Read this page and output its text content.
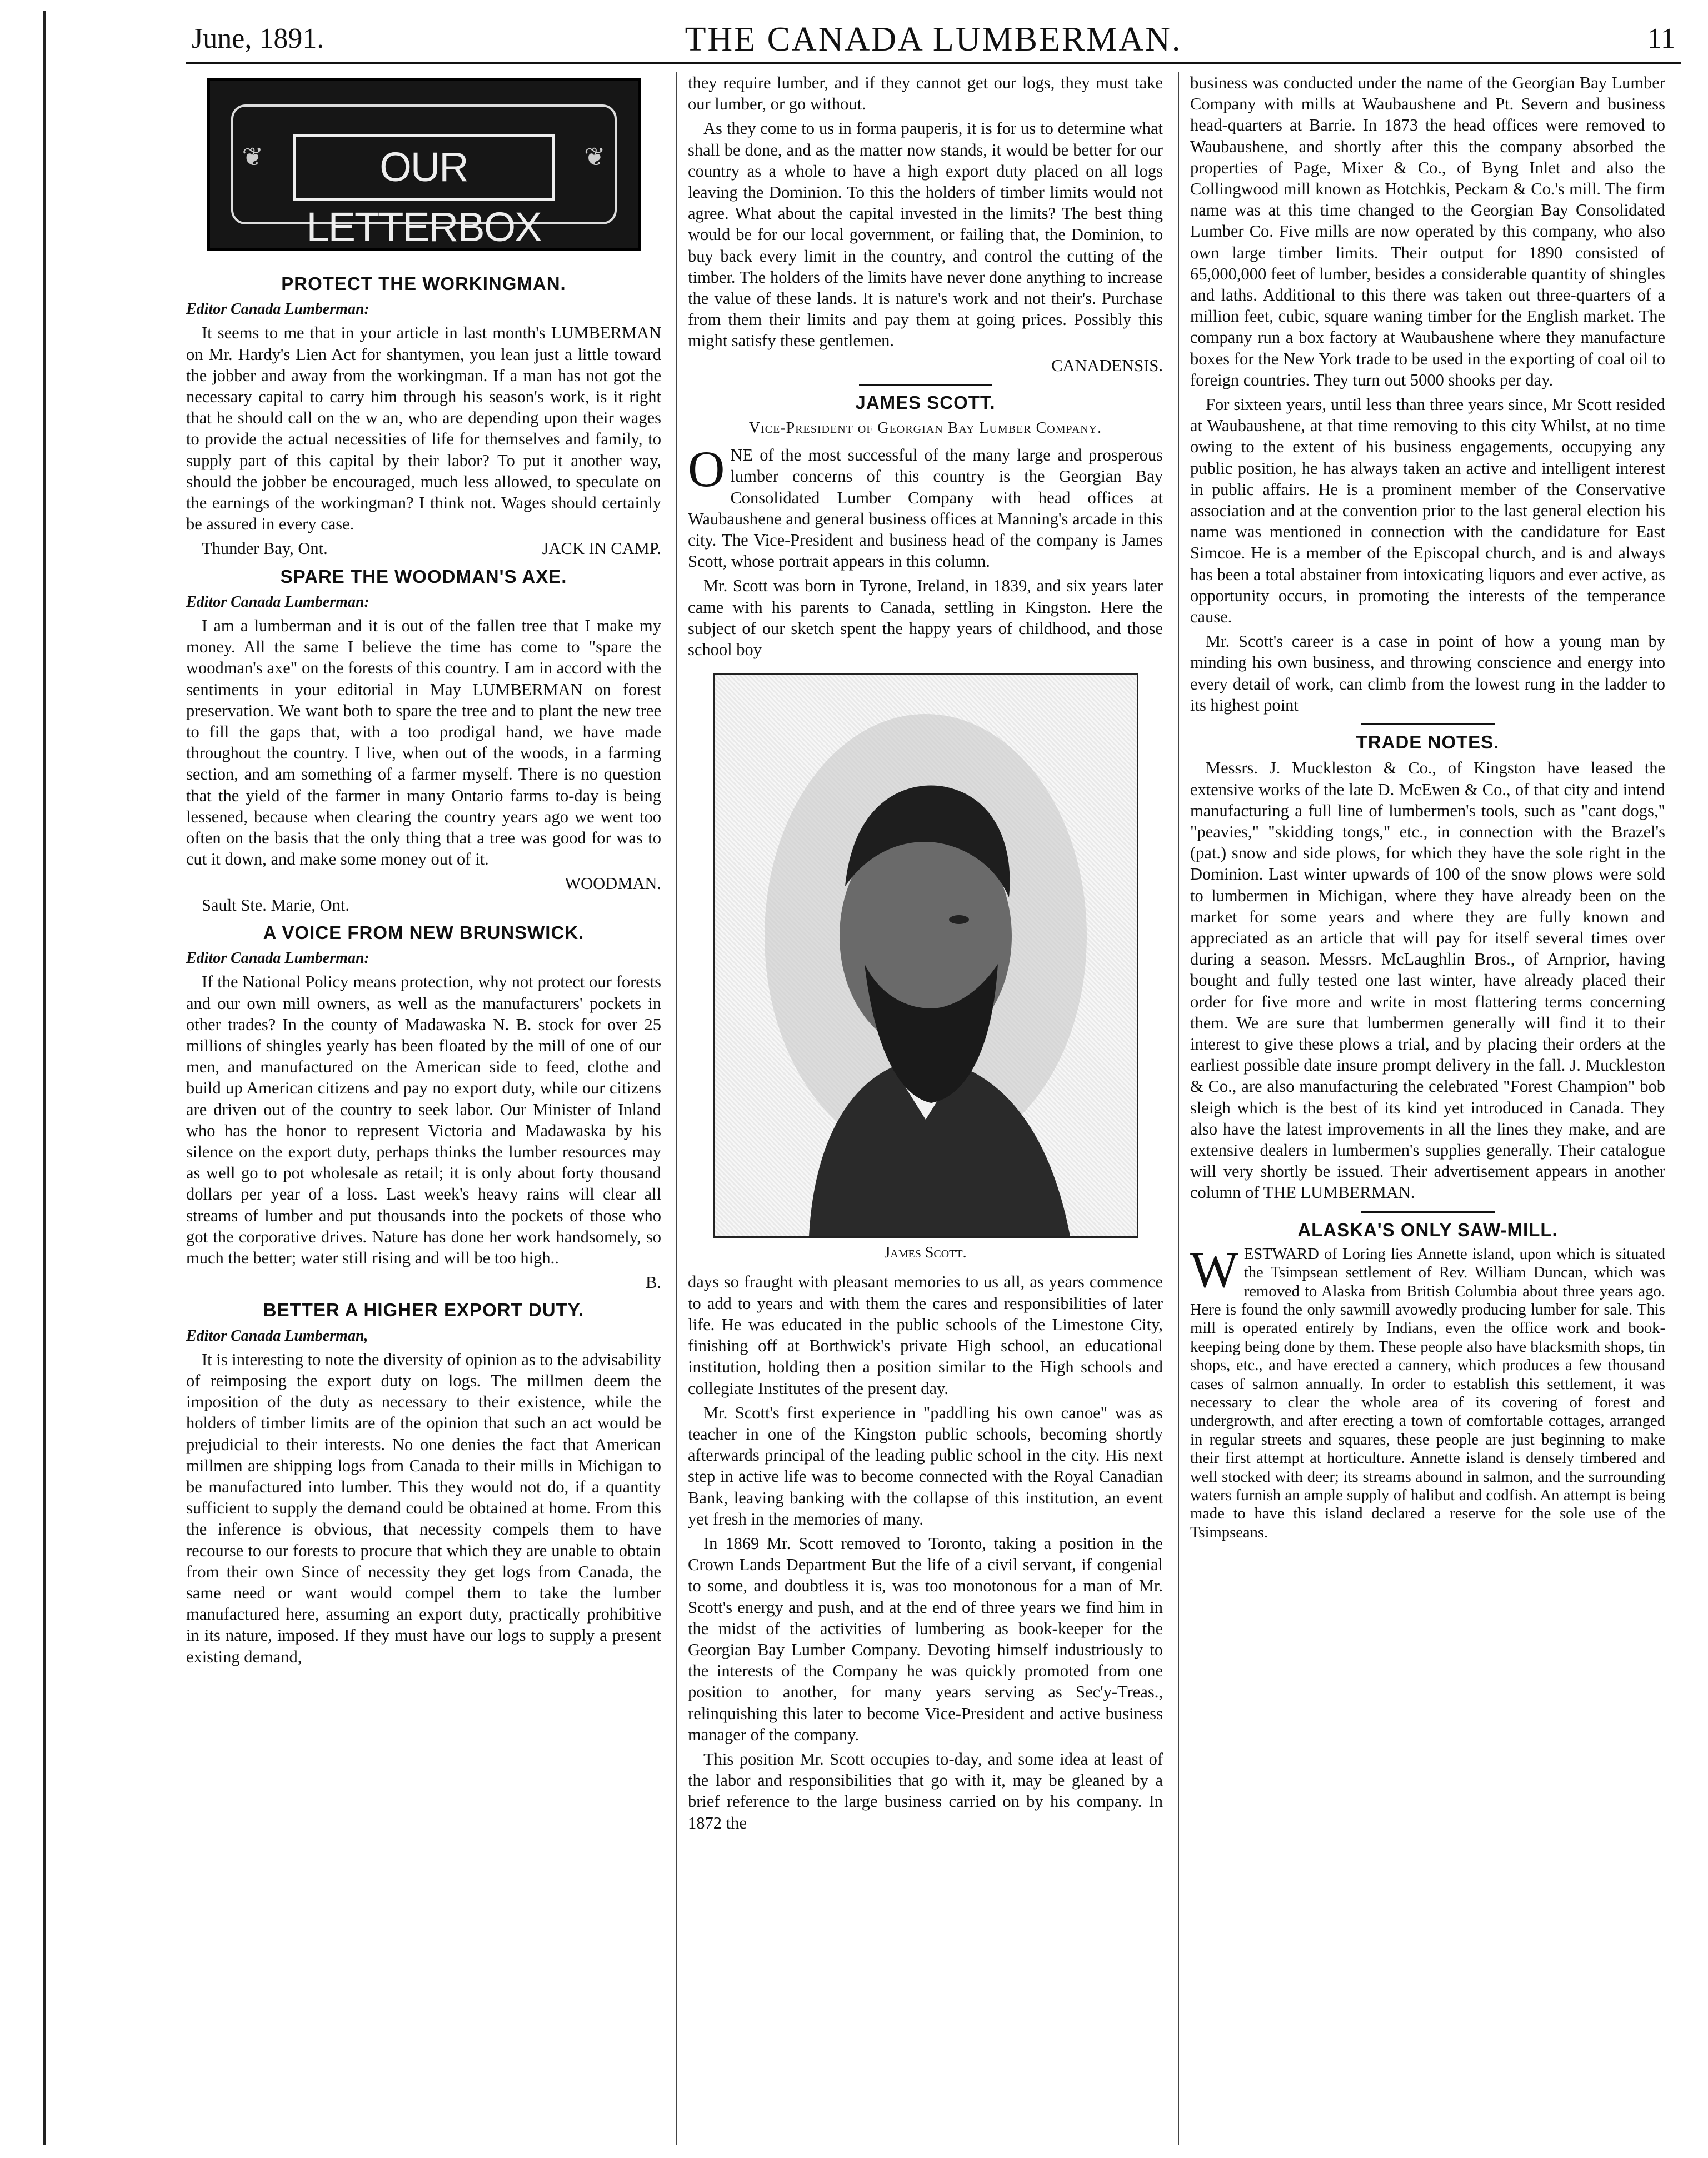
June, 1891.	THE CANADA LUMBERMAN.	11
❦	❦
OUR LETTERBOX
PROTECT THE WORKINGMAN.
Editor Canada Lumberman:

It seems to me that in your article in last month's LUMBERMAN on Mr. Hardy's Lien Act for shantymen, you lean just a little toward the jobber and away from the workingman. If a man has not got the necessary capital to carry him through his season's work, is it right that he should call on the w an, who are depending upon their wages to provide the actual necessities of life for themselves and family, to supply part of this capital by their labor? To put it another way, should the jobber be encouraged, much less allowed, to speculate on the earnings of the workingman? I think not. Wages should certainly be assured in every case.

Thunder Bay, Ont.	JACK IN CAMP.
SPARE THE WOODMAN'S AXE.
Editor Canada Lumberman:

I am a lumberman and it is out of the fallen tree that I make my money. All the same I believe the time has come to "spare the woodman's axe" on the forests of this country. I am in accord with the sentiments in your editorial in May LUMBERMAN on forest preservation. We want both to spare the tree and to plant the new tree to fill the gaps that, with a too prodigal hand, we have made throughout the country. I live, when out of the woods, in a farming section, and am something of a farmer myself. There is no question that the yield of the farmer in many Ontario farms to-day is being lessened, because when clearing the country years ago we went too often on the basis that the only thing that a tree was good for was to cut it down, and make some money out of it.

WOODMAN.

Sault Ste. Marie, Ont.

A VOICE FROM NEW BRUNSWICK.
Editor Canada Lumberman:

If the National Policy means protection, why not protect our forests and our own mill owners, as well as the manufacturers' pockets in other trades? In the county of Madawaska N. B. stock for over 25 millions of shingles yearly has been floated by the mill of one of our men, and manufactured on the American side to feed, clothe and build up American citizens and pay no export duty, while our citizens are driven out of the country to seek labor. Our Minister of Inland who has the honor to represent Victoria and Madawaska by his silence on the export duty, perhaps thinks the lumber resources may as well go to pot wholesale as retail; it is only about forty thousand dollars per year of a loss. Last week's heavy rains will clear all streams of lumber and put thousands into the pockets of those who got the corporative drives. Nature has done her work handsomely, so much the better; water still rising and will be too high..

B.
BETTER A HIGHER EXPORT DUTY.
Editor Canada Lumberman,

It is interesting to note the diversity of opinion as to the advisability of reimposing the export duty on logs. The millmen deem the imposition of the duty as necessary to their existence, while the holders of timber limits are of the opinion that such an act would be prejudicial to their interests. No one denies the fact that American millmen are shipping logs from Canada to their mills in Michigan to be manufactured into lumber. This they would not do, if a quantity sufficient to supply the demand could be obtained at home. From this the inference is obvious, that necessity compels them to have recourse to our forests to procure that which they are unable to obtain from their own Since of necessity they get logs from Canada, the same need or want would compel them to take the lumber manufactured here, assuming an export duty, practically prohibitive in its nature, imposed. If they must have our logs to supply a present existing demand,

they require lumber, and if they cannot get our logs, they must take our lumber, or go without.

As they come to us in forma pauperis, it is for us to determine what shall be done, and as the matter now stands, it would be better for our country as a whole to have a high export duty placed on all logs leaving the Dominion. To this the holders of timber limits would not agree. What about the capital invested in the limits? The best thing would be for our local government, or failing that, the Dominion, to buy back every limit in the country, and control the cutting of the timber. The holders of the limits have never done anything to increase the value of these lands. It is nature's work and not their's. Purchase from them their limits and pay them at going prices. Possibly this might satisfy these gentlemen.

CANADENSIS.
JAMES SCOTT.
Vice-President of Georgian Bay Lumber Company.

ONE of the most successful of the many large and prosperous lumber concerns of this country is the Georgian Bay Consolidated Lumber Company with head offices at Waubaushene and general business offices at Manning's arcade in this city. The Vice-President and business head of the company is James Scott, whose portrait appears in this column.

Mr. Scott was born in Tyrone, Ireland, in 1839, and six years later came with his parents to Canada, settling in Kingston. Here the subject of our sketch spent the happy years of childhood, and those school boy

James Scott.

days so fraught with pleasant memories to us all, as years commence to add to years and with them the cares and responsibilities of later life. He was educated in the public schools of the Limestone City, finishing off at Borthwick's private High school, an educational institution, holding then a position similar to the High schools and collegiate Institutes of the present day.

Mr. Scott's first experience in "paddling his own canoe" was as teacher in one of the Kingston public schools, becoming shortly afterwards principal of the leading public school in the city. His next step in active life was to become connected with the Royal Canadian Bank, leaving banking with the collapse of this institution, an event yet fresh in the memories of many.

In 1869 Mr. Scott removed to Toronto, taking a position in the Crown Lands Department But the life of a civil servant, if congenial to some, and doubtless it is, was too monotonous for a man of Mr. Scott's energy and push, and at the end of three years we find him in the midst of the activities of lumbering as book-keeper for the Georgian Bay Lumber Company. Devoting himself industriously to the interests of the Company he was quickly promoted from one position to another, for many years serving as Sec'y-Treas., relinquishing this later to become Vice-President and active business manager of the company.

This position Mr. Scott occupies to-day, and some idea at least of the labor and responsibilities that go with it, may be gleaned by a brief reference to the large business carried on by his company. In 1872 the

business was conducted under the name of the Georgian Bay Lumber Company with mills at Waubaushene and Pt. Severn and business head-quarters at Barrie. In 1873 the head offices were removed to Waubaushene, and shortly after this the company absorbed the properties of Page, Mixer & Co., of Byng Inlet and also the Collingwood mill known as Hotchkis, Peckam & Co.'s mill. The firm name was at this time changed to the Georgian Bay Consolidated Lumber Co. Five mills are now operated by this company, who also own large timber limits. Their output for 1890 consisted of 65,000,000 feet of lumber, besides a considerable quantity of shingles and laths. Additional to this there was taken out three-quarters of a million feet, cubic, square waning timber for the English market. The company run a box factory at Waubaushene where they manufacture boxes for the New York trade to be used in the exporting of coal oil to foreign countries. They turn out 5000 shooks per day.

For sixteen years, until less than three years since, Mr Scott resided at Waubaushene, at that time removing to this city Whilst, at no time owing to the extent of his business engagements, occupying any public position, he has always taken an active and intelligent interest in public affairs. He is a prominent member of the Conservative association and at the convention prior to the last general election his name was mentioned in connection with the candidature for East Simcoe. He is a member of the Episcopal church, and is and always has been a total abstainer from intoxicating liquors and ever active, as opportunity occurs, in promoting the interests of the temperance cause.

Mr. Scott's career is a case in point of how a young man by minding his own business, and throwing conscience and energy into every detail of work, can climb from the lowest rung in the ladder to its highest point

TRADE NOTES.

Messrs. J. Muckleston & Co., of Kingston have leased the extensive works of the late D. McEwen & Co., of that city and intend manufacturing a full line of lumbermen's tools, such as "cant dogs," "peavies," "skidding tongs," etc., in connection with the Brazel's (pat.) snow and side plows, for which they have the sole right in the Dominion. Last winter upwards of 100 of the snow plows were sold to lumbermen in Michigan, where they have already been on the market for some years and where they are fully known and appreciated as an article that will pay for itself several times over during a season. Messrs. McLaughlin Bros., of Arnprior, having bought and fully tested one last winter, have already placed their order for five more and write in most flattering terms concerning them. We are sure that lumbermen generally will find it to their interest to give these plows a trial, and by placing their orders at the earliest possible date insure prompt delivery in the fall. J. Muckleston & Co., are also manufacturing the celebrated "Forest Champion" bob sleigh which is the best of its kind yet introduced in Canada. They also have the latest improvements in all the lines they make, and are extensive dealers in lumbermen's supplies generally. Their catalogue will very shortly be issued. Their advertisement appears in another column of THE LUMBERMAN.

ALASKA'S ONLY SAW-MILL.

WESTWARD of Loring lies Annette island, upon which is situated the Tsimpsean settlement of Rev. William Duncan, which was removed to Alaska from British Columbia about three years ago. Here is found the only sawmill avowedly producing lumber for sale. This mill is operated entirely by Indians, even the office work and book-keeping being done by them. These people also have blacksmith shops, tin shops, etc., and have erected a cannery, which produces a few thousand cases of salmon annually. In order to establish this settlement, it was necessary to clear the whole area of its covering of forest and undergrowth, and after erecting a town of comfortable cottages, arranged in regular streets and squares, these people are just beginning to make their first attempt at horticulture. Annette island is densely timbered and well stocked with deer; its streams abound in salmon, and the surrounding waters furnish an ample supply of halibut and codfish. An attempt is being made to have this island declared a reserve for the sole use of the Tsimpseans.
